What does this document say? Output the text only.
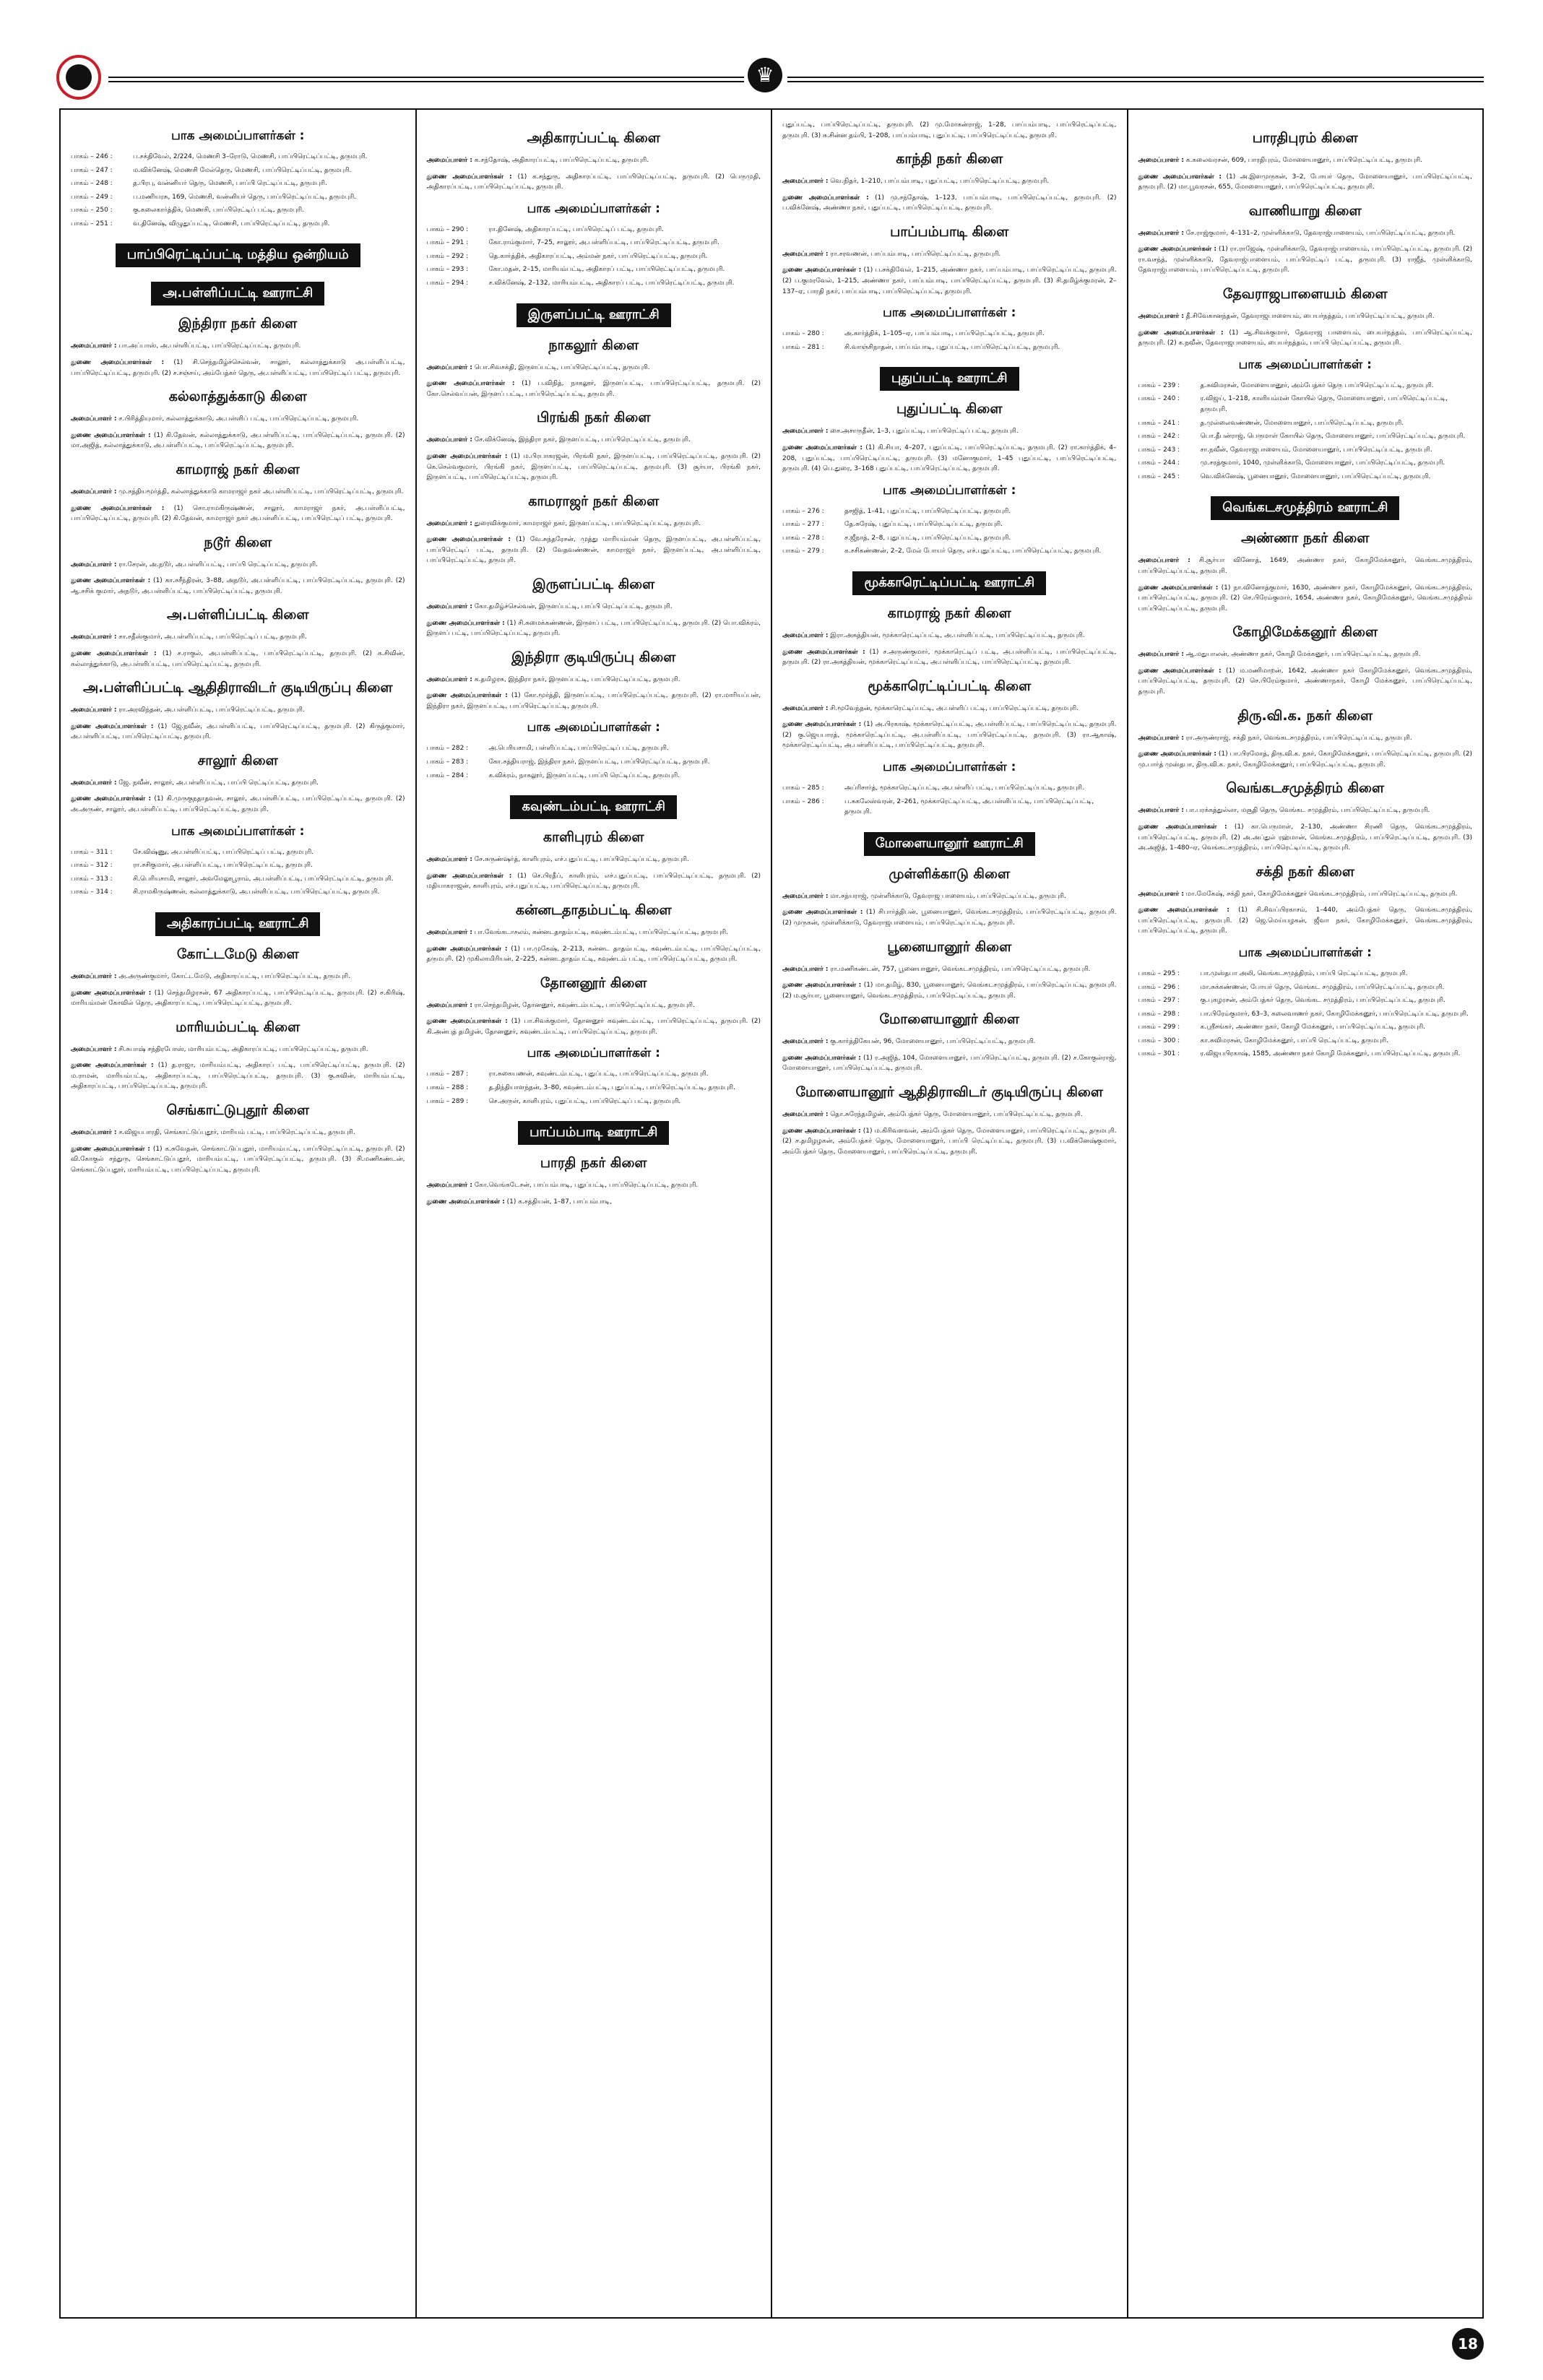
♛
பாக அமைப்பாளர்கள் :
பாகம் – 246 :	ப.சக்திவேல், 2/224, மெணசி 3–ரோடு, மெணசி, பாப்பிரெட்டிப்பட்டி, தருமபுரி.
பாகம் – 247 :	ம.விக்னேஷ், மெணசி மேல்தெரு, மெணசி, பாப்பிரெட்டிப்பட்டி, தருமபுரி.
பாகம் – 248 :	த.பிரபு, வன்னியர் தெரு, மெணசி, பாப்பி ரெட்டிப்பட்டி, தருமபுரி.
பாகம் – 249 :	ப.மணியரசு, 169, மெணசி, வன்னியர் தெரு, பாப்பிரெட்டிப்பட்டி, தருமபுரி.
பாகம் – 250 :	கு.கலைகார்த்திக், மெணசி, பாப்பிரெட்டிப் பட்டி, தருமபுரி.
பாகம் – 251 :	வ.தினேஷ், விழுதுப்பட்டி, மெணசி, பாப்பிரெட்டிப்பட்டி, தருமபுரி.
பாப்பிரெட்டிப்பட்டி மத்திய ஒன்றியம்
அ.பள்ளிப்பட்டி ஊராட்சி
இந்திரா நகர் கிளை

அமைப்பாளர் : பா.அப்பாஸ், அ.பள்ளிப்பட்டி, பாப்பிரெட்டிப்பட்டி, தருமபுரி.

துணை அமைப்பாளர்கள் : (1) சி.செந்தமிழ்ச்செல்வன், சாலூர், கல்லாத்துக்காடு அ.பள்ளிப்பட்டி, பாப்பிரெட்டிப்பட்டி, தருமபுரி. (2) ச.சஞ்சய், அம்பேத்கர் தெரு, அ.பள்ளிப்பட்டி, பாப்பிரெட்டிப் பட்டி, தருமபுரி.

கல்லாத்துக்காடு கிளை

அமைப்பாளர் : ச.பிரித்தியுமார், கல்லாத்துக்காடு, அ.பள்ளிப் பட்டி, பாப்பிரெட்டிப்பட்டி, தருமபுரி.

துணை அமைப்பாளர்கள் : (1) கி.தேவன், கல்லாத்துக்காடு, அ.பள்ளிப்பட்டி, பாப்பிரெட்டிப்பட்டி, தருமபுரி. (2) மா.அஜித், கல்லாத்துக்காடு, அ.பள்ளிப்பட்டி, பாப்பிரெட்டிப்பட்டி, தருமபுரி.

காமராஜ் நகர் கிளை

அமைப்பாளர் : மு.சத்தியமூர்த்தி, கல்லாத்துக்காடு காமராஜர் நகர் அ.பள்ளிப்பட்டி, பாப்பிரெட்டிப்பட்டி, தருமபுரி.

துணை அமைப்பாளர்கள் : (1) சொ.ராமகிருஷ்ணன், சாலூர், காமராஜர் நகர், அ.பள்ளிப்பட்டி, பாப்பிரெட்டிப்பட்டி, தருமபுரி. (2) கி.தேவன், காமராஜர் நகர் அ.பள்ளிப்பட்டி, பாப்பிரெட்டிப் பட்டி, தருமபுரி.

நடூர் கிளை

அமைப்பாளர் : ரா.சேரன், அ.நடூர், அ.பள்ளிப்பட்டி, பாப்பி ரெட்டிப்பட்டி, தருமபுரி.

துணை அமைப்பாளர்கள் : (1) கா.சசீந்திரன், 3–88, அநடூர், அ.பள்ளிப்பட்டி, பாப்பிரெட்டிப்பட்டி, தருமபுரி. (2) ஆ.சசிக் குமார், அநடூர், அ.பள்ளிப்பட்டி, பாப்பிரெட்டிப்பட்டி, தருமபுரி.

அ.பள்ளிப்பட்டி கிளை

அமைப்பாளர் : சா.சதீஸ்குமார், அ.பள்ளிப்பட்டி, பாப்பிரெட்டிப் பட்டி, தருமபுரி.

துணை அமைப்பாளர்கள் : (1) ச.ராகுல், அ.பள்ளிப்பட்டி, பாப்பிரெட்டிப்பட்டி, தருமபுரி. (2) க.சிவின், கல்லாத்துக்காடு, அ.பள்ளிப்பட்டி, பாப்பிரெட்டிப்பட்டி, தருமபுரி.

அ.பள்ளிப்பட்டி ஆதிதிராவிடர் குடியிருப்பு கிளை

அமைப்பாளர் : ரா.அரவிந்தன், அ.பள்ளிப்பட்டி, பாப்பிரெட்டிப்பட்டி, தருமபுரி.

துணை அமைப்பாளர்கள் : (1) ஜே.நவீன், அ.பள்ளிப்பட்டி, பாப்பிரெட்டிப்பட்டி, தருமபுரி. (2) கிருத்குமார், அ.பள்ளிப்பட்டி, பாப்பிரெட்டிப்பட்டி, தருமபுரி.

சாலூர் கிளை

அமைப்பாளர் : ஜே. நவீன், சாலூர், அ.பள்ளிப்பட்டி, பாப்பி ரெட்டிப்பட்டி, தருமபுரி.

துணை அமைப்பாளர்கள் : (1) கி.முருகுநதாதவன், சாலூர், அ.பள்ளிப்பட்டி, பாப்பிரெட்டிப்பட்டி, தருமபுரி. (2) அ.அருண், சாலூர், அ.பள்ளிப்பட்டி, பாப்பிரெட்டிப்பட்டி, தருமபுரி.

பாக அமைப்பாளர்கள் :
பாகம் – 311 :	சே.விஷ்ணு, அ.பள்ளிப்பட்டி, பாப்பிரெட்டிப் பட்டி, தருமபுரி.
பாகம் – 312 :	ரா.சசிகுமார், அ.பள்ளிப்பட்டி, பாப்பிரெட்டிப்பட்டி, தருமபுரி.
பாகம் – 313 :	சி.பெரியசாமி, சாலூர், அவமேலூபூராம், அ.பள்ளிப்பட்டி, பாப்பிரெட்டிப்பட்டி, தருமபுரி.
பாகம் – 314 :	சி.ராமகிருஷ்ணன், கல்லாத்துக்காடு, அ.பள்ளிப்பட்டி, பாப்பிரெட்டிப்பட்டி, தருமபுரி.
அதிகாரப்பட்டி ஊராட்சி
கோட்டமேடு கிளை

அமைப்பாளர் : அ.அருண்குமார், கோட்டமேடு, அதிகாரப்பட்டி, பாப்பிரெட்டிப்பட்டி, தருமபுரி.

துணை அமைப்பாளர்கள் : (1) செந்தமிழரசன், 67 அதிகாரப்பட்டி, பாப்பிரெட்டிப்பட்டி, தருமபுரி. (2) ச.கிரிஷ், மாரியம்மன் கோவில் தெரு, அதிகாரப்பட்டி, பாப்பிரெட்டிப்பட்டி, தருமபுரி.

மாரியம்பட்டி கிளை

அமைப்பாளர் : சி.சுபாஷ் சந்திரபோஸ், மாரியம்பட்டி, அதிகாரப்பட்டி, பாப்பிரெட்டிப்பட்டி, தருமபுரி.

துணை அமைப்பாளர்கள் : (1) த.ராஜா, மாரியம்பட்டி, அதிகாரப் பட்டி, பாப்பிரெட்டிப்பட்டி, தருமபுரி. (2) ம.ராமன், மாரியம்பட்டி, அதிகாரப்பட்டி, பாப்பிரெட்டிப்பட்டி, தருமபுரி. (3) கு.கவின், மாரியம்பட்டி, அதிகாரப்பட்டி, பாப்பிரெட்டிப்பட்டி, தருமபுரி.

செங்காட்டுபுதூர் கிளை

அமைப்பாளர் : ச.விஜயபாரதி, செங்காட்டுப்புதூர், மாரியம் பட்டி, பாப்பிரெட்டிப்பட்டி, தருமபுரி.

துணை அமைப்பாளர்கள் : (1) க.சுவேதன், செங்காட்டுப்புதூர், மாரியம்பட்டி, பாப்பிரெட்டிப்பட்டி, தருமபுரி. (2) வி.கோகுல் சந்துரு, செங்காட்டுப்புதூர், மாரியம்பட்டி, பாப்பிரெட்டிப்பட்டி, தருமபுரி. (3) சி.மணிகண்டன், செங்காட்டுப்புதூர், மாரியம்பட்டி, பாப்பிரெட்டிப்பட்டி, தருமபுரி.

அதிகாரப்பட்டி கிளை

அமைப்பாளர் : க.சந்தோஷ், அதிகாரப்பட்டி, பாப்பிரெட்டிப்பட்டி, தருமபுரி.

துணை அமைப்பாளர்கள் : (1) க.சந்துரு, அதிகாரப்பட்டி, பாப்பிரெட்டிப்பட்டி, தருமபுரி. (2) பெருமுதி, அதிகாரப்பட்டி, பாப்பிரெட்டிப்பட்டி, தருமபுரி.

பாக அமைப்பாளர்கள் :
பாகம் – 290 :	ரா.தினேஷ், அதிகாரப்பட்டி, பாப்பிரெட்டிப் பட்டி, தருமபுரி.
பாகம் – 291 :	கோ.ராம்குமார், 7–25, சாலூர், அ.பள்ளிப்பட்டி, பாப்பிரெட்டிப்பட்டி, தருமபுரி.
பாகம் – 292 :	தெ.கார்த்திக், அதிகாரப்பட்டி, அம்மன் நகர், பாப்பிரெட்டிப்பட்டி, தருமபுரி.
பாகம் – 293 :	கோ.மதன், 2–15, மாரியம்பட்டி, அதிகாரப் பட்டி, பாப்பிரெட்டிப்பட்டி, தருமபுரி.
பாகம் – 294 :	ச.விக்னேஷ், 2–132, மாரியம்பட்டி, அதிகாரப் பட்டி, பாப்பிரெட்டிப்பட்டி, தருமபுரி.
இருளப்பட்டி ஊராட்சி
நாகலூர் கிளை

அமைப்பாளர் : பொ.சிவசக்தி, இருளப்பட்டி, பாப்பிரெட்டிப்பட்டி, தருமபுரி.

துணை அமைப்பாளர்கள் : (1) ப.விநித், நாகலூர், இருளப்பட்டி, பாப்பிரெட்டிப்பட்டி, தருமபுரி. (2) கோ.செல்வப்பன், இருளப் பட்டி, பாப்பிரெட்டிப்பட்டி, தருமபுரி.

பிரங்கி நகர் கிளை

அமைப்பாளர் : சே.விக்னேஷ், இந்திரா நகர், இருளப்பட்டி, பாப்பிரெட்டிப்பட்டி, தருமபுரி.

துணை அமைப்பாளர்கள் : (1) ம.பிரபாகரஜன், பிரங்கி நகர், இருளப்பட்டி, பாப்பிரெட்டிப்பட்டி, தருமபுரி. (2) கெ.செல்வகுமார், பிரங்கி நகர், இருளப்பட்டி, பாப்பிரெட்டிப்பட்டி, தருமபுரி. (3) சூர்யா, பிரங்கி நகர், இருளப்பட்டி, பாப்பிரெட்டிப்பட்டி, தருமபுரி.

காமராஜர் நகர் கிளை

அமைப்பாளர் : துரைவிக்குமார், காமராஜர் நகர், இருளப்பட்டி, பாப்பிரெட்டிப்பட்டி, தருமபுரி.

துணை அமைப்பாளர்கள் : (1) வே.சுந்தரேசன், முத்து மாரியம்மன் தெரு, இருளப்பட்டி, அ.பள்ளிப்பட்டி, பாப்பிரெட்டிப் பட்டி, தருமபுரி. (2) வேதவண்ணன், காமராஜர் நகர், இருளப்பட்டி, அ.பள்ளிப்பட்டி, பாப்பிரெட்டிப்பட்டி, தருமபுரி.

இருளப்பட்டி கிளை

அமைப்பாளர் : கோ.தமிழ்ச்செல்வன், இருளப்பட்டி, பாப்பி ரெட்டிப்பட்டி, தருமபுரி.

துணை அமைப்பாளர்கள் : (1) சி.சுமைக்கண்ணன், இருளப் பட்டி, பாப்பிரெட்டிப்பட்டி, தருமபுரி. (2) பொ.விக்ரம், இருளப் பட்டி, பாப்பிரெட்டிப்பட்டி, தருமபுரி.

இந்திரா குடியிருப்பு கிளை

அமைப்பாளர் : க.தமிழரசு, இந்திரா நகர், இருளப்பட்டி, பாப்பிரெட்டிப்பட்டி, தருமபுரி.

துணை அமைப்பாளர்கள் : (1) கோ.மூர்த்தி, இருளப்பட்டி, பாப்பிரெட்டிப்பட்டி, தருமபுரி. (2) ரா.மாரியப்பன், இந்திரா நகர், இருளப்பட்டி, பாப்பிரெட்டிப்பட்டி, தருமபுரி.

பாக அமைப்பாளர்கள் :
பாகம் – 282 :	அ.பெரியசாமி, பள்ளிப்பட்டி, பாப்பிரெட்டிப் பட்டி, தருமபுரி.
பாகம் – 283 :	கோ.சத்தியராஜ், இந்திரா நகர், இருளப்பட்டி, பாப்பிரெட்டிப்பட்டி, தருமபுரி.
பாகம் – 284 :	க.விக்ரம், நாகலூர், இருளப்பட்டி, பாப்பி ரெட்டிப்பட்டி, தருமபுரி.
கவுண்டம்பட்டி ஊராட்சி
காளிபுரம் கிளை

அமைப்பாளர் : சே.சுருண்ஷர்த், காளிபுரம், எச்.புதுப்பட்டி, பாப்பிரெட்டிப்பட்டி, தருமபுரி.

துணை அமைப்பாளர்கள் : (1) செ.பிரதீப், காளிபுரம், எச்.புதுப்பட்டி, பாப்பிரெட்டிப்பட்டி, தருமபுரி. (2) மதியாகராஜன், காளிபுரம், எச்.புதுப்பட்டி, பாப்பிரெட்டிப்பட்டி, தருமபுரி.

கன்னடதாதம்பட்டி கிளை

அமைப்பாளர் : பா.வேங்கடாசலம், கன்னடதாதம்பட்டி, கவுண்டம்பட்டி, பாப்பிரெட்டிப்பட்டி, தருமபுரி.

துணை அமைப்பாளர்கள் : (1) பா.முகேஷ், 2–213, கன்னட தாதம்பட்டி, கவுண்டம்பட்டி, பாப்பிரெட்டிப்பட்டி, தருமபுரி. (2) முகிலாமிரியன், 2–225, கன்னடதாதம்பட்டி, கவுண்டம் பட்டி, பாப்பிரெட்டிப்பட்டி, தருமபுரி.

தோனனூர் கிளை

அமைப்பாளர் : ரா.செந்தமிழன், தோனனூர், கவுண்டம்பட்டி, பாப்பிரெட்டிப்பட்டி, தருமபுரி.

துணை அமைப்பாளர்கள் : (1) பா.சிவக்குமார், தோனனூர் கவுண்டம்பட்டி, பாப்பிரெட்டிப்பட்டி, தருமபுரி. (2) கி.அன்புத் தமிழன், தோனனூர், கவுண்டம்பட்டி, பாப்பிரெட்டிப்பட்டி, தருமபுரி.

பாக அமைப்பாளர்கள் :
பாகம் – 287 :	ரா.சுகையணன், கவுண்டம்பட்டி, புதுப்பட்டி, பாப்பிரெட்டிப்பட்டி, தருமபுரி.
பாகம் – 288 :	த.திந்தியாளந்தன், 3–80, கவுண்டம்பட்டி, புதுப்பட்டி, பாப்பிரெட்டிப்பட்டி, தருமபுரி.
பாகம் – 289 :	செ.அருள், காளிபுரம், புதுப்பட்டி, பாப்பிரெட்டிப் பட்டி, தருமபுரி.
பாப்பம்பாடி ஊராட்சி
பாரதி நகர் கிளை

அமைப்பாளர் : கோ.வெங்கடேசன், பாப்பம்பாடி, புதுப்பட்டி, பாப்பிரெட்டிப்பட்டி, தருமபுரி.

துணை அமைப்பாளர்கள் : (1) க.சத்தியன், 1–87, பாப்பம்பாடி,

புதுப்பட்டி, பாப்பிரெட்டிப்பட்டி, தருமபுரி. (2) மு.மோகன்ராஜ், 1–28, பாப்பம்பாடி, பாப்பிரெட்டிப்பட்டி, தருமபுரி. (3) சு.சின்ன தம்பி, 1–208, பாப்பம்பாடி, புதுப்பட்டி, பாப்பிரெட்டிப்பட்டி, தருமபுரி.

காந்தி நகர் கிளை

அமைப்பாளர் : வெ.நிதர், 1–210, பாப்பம்பாடி, புதுப்பட்டி, பாப்பிரெட்டிப்பட்டி, தருமபுரி.

துணை அமைப்பாளர்கள் : (1) மு.சந்தோஷ், 1–123, பாப்பம்பாடி, பாப்பிரெட்டிப்பட்டி, தருமபுரி. (2) ப.விக்னேஷ், அண்ணா நகர், புதுப்பட்டி, பாப்பிரெட்டிப்பட்டி, தருமபுரி.

பாப்பம்பாடி கிளை

அமைப்பாளர் : ரா.சரவணன், பாப்பம்பாடி, பாப்பிரெட்டிப்பட்டி, தருமபுரி.

துணை அமைப்பாளர்கள் : (1) ப.சக்திவேல், 1–215, அண்ணா நகர், பாப்பம்பாடி, பாப்பிரெட்டிப்பட்டி, தருமபுரி. (2) ப.குமரவேல், 1–215, அண்ணா நகர், பாப்பம்பாடி, பாப்பிரெட்டிப்பட்டி, தருமபுரி. (3) சி.தமிழ்க்குமரன், 2–137–ஏ, பாரதி நகர், பாப்பம்பாடி, பாப்பிரெட்டிப்பட்டி, தருமபுரி.

பாக அமைப்பாளர்கள் :
பாகம் – 280 :	அ.கார்த்திக், 1–105–ஏ, பாப்பம்பாடி, பாப்பிரெட்டிப்பட்டி, தருமபுரி.
பாகம் – 281 :	சி.வாஞ்சிநாதன், பாப்பம்பாடி, புதுப்பட்டி, பாப்பிரெட்டிப்பட்டி, தருமபுரி.
புதுப்பட்டி ஊராட்சி
புதுப்பட்டி கிளை

அமைப்பாளர் : சை.அசாருதீன், 1–3, புதுப்பட்டி, பாப்பிரெட்டிப் பட்டி, தருமபுரி.

துணை அமைப்பாளர்கள் : (1) கி.சியா, 4–207, புதுப்பட்டி, பாப்பிரெட்டிப்பட்டி, தருமபுரி. (2) ரா.கார்த்திக், 4–208, புதுப்பட்டி, பாப்பிரெட்டிப்பட்டி, தருமபுரி. (3) மனோகுமார், 1–45 புதுப்பட்டி, பாப்பிரெட்டிப்பட்டி, தருமபுரி. (4) பெ.துரை, 3–168 புதுப்பட்டி, பாப்பிரெட்டிப்பட்டி, தருமபுரி.

பாக அமைப்பாளர்கள் :
பாகம் – 276 :	தசஜித், 1–41, புதுப்பட்டி, பாப்பிரெட்டிப்பட்டி, தருமபுரி.
பாகம் – 277 :	தே.சுரேஷ், புதுப்பட்டி, பாப்பிரெட்டிப்பட்டி, தருமபுரி.
பாகம் – 278 :	ச.ஜீநாத், 2–8, புதுப்பட்டி, பாப்பிரெட்டிப்பட்டி, தருமபுரி.
பாகம் – 279 :	க.சசிகண்ணன், 2–2, மேல் போயர் தெரு, எச்.புதுப்பட்டி, பாப்பிரெட்டிப்பட்டி, தருமபுரி.
மூக்காரெட்டிப்பட்டி ஊராட்சி
காமராஜ் நகர் கிளை

அமைப்பாளர் : இரா.அசுத்தியன், மூக்காரெட்டிப்பட்டி, அ.பள்ளிப்பட்டி, பாப்பிரெட்டிப்பட்டி, தருமபுரி.

துணை அமைப்பாளர்கள் : (1) ச.அருண்குமார், மூக்காரெட்டிப் பட்டி, அ.பள்ளிப்பட்டி, பாப்பிரெட்டிப்பட்டி, தருமபுரி. (2) ரா.அசுத்தியன், மூக்காரெட்டிப்பட்டி, அ.பள்ளிப்பட்டி, பாப்பிரெட்டிப்பட்டி, தருமபுரி.

மூக்காரெட்டிப்பட்டி கிளை

அமைப்பாளர் : சி.மூவேந்தன், மூக்காரெட்டிப்பட்டி, அ.பள்ளிப் பட்டி, பாப்பிரெட்டிப்பட்டி, தருமபுரி.

துணை அமைப்பாளர்கள் : (1) அ.பிரகாஷ், மூக்காரெட்டிப்பட்டி, அ.பள்ளிப்பட்டி, பாப்பிரெட்டிப்பட்டி, தருமபுரி. (2) கு.ஜெயபாரத், மூக்காரெட்டிப்பட்டி, அ.பள்ளிப்பட்டி, பாப்பிரெட்டிப்பட்டி, தருமபுரி. (3) ரா.ஆகாஷ், மூக்காரெட்டிப்பட்டி, அ.பள்ளிப்பட்டி, பாப்பிரெட்டிப்பட்டி, தருமபுரி.

பாக அமைப்பாளர்கள் :
பாகம் – 285 :	அப்ரிசார்த், மூக்காரெட்டிப்பட்டி, அ.பள்ளிப் பட்டி, பாப்பிரெட்டிப்பட்டி, தருமபுரி.
பாகம் – 286 :	ப.சுகலேஸ்வரன், 2–261, மூக்காரெட்டிப்பட்டி, அ.பள்ளிப்பட்டி, பாப்பிரெட்டிப்பட்டி, தருமபுரி.
மோளையானூர் ஊராட்சி
முள்ளிக்காடு கிளை

அமைப்பாளர் : மா.சத்யராஜ், முள்ளிக்காடு, தேவராஜ பாளையம், பாப்பிரெட்டிப்பட்டி, தருமபுரி.

துணை அமைப்பாளர்கள் : (1) சிபார்த்திபன், பூனையானூர், வெங்கடசமுத்திரம், பாப்பிரெட்டிப்பட்டி, தருமபுரி. (2) முருகன், முள்ளிக்காடு, தேவராஜபாளையம், பாப்பிரெட்டிப்பட்டி, தருமபுரி.

பூனையானூர் கிளை

அமைப்பாளர் : ரா.மணிகண்டன், 757, பூனையானூர், வெங்கடசமுத்திரம், பாப்பிரெட்டிப்பட்டி, தருமபுரி.

துணை அமைப்பாளர்கள் : (1) மா.தமிழ், 830, பூனையானூர், வெங்கடசமுத்திரம், பாப்பிரெட்டிப்பட்டி, தருமபுரி. (2) ம.சூர்யா, பூனையானூர், வெங்கடசமுத்திரம், பாப்பிரெட்டிப்பட்டி, தருமபுரி.

மோளையானூர் கிளை

அமைப்பாளர் : கு.கார்த்திகேயன், 96, மோளையானூர், பாப்பிரெட்டிப்பட்டி, தருமபுரி.

துணை அமைப்பாளர்கள் : (1) ர.அஜித், 104, மோளையானூர், பாப்பிரெட்டிப்பட்டி, தருமபுரி. (2) ச.கோகுல்ராஜ், மோளையானூர், பாப்பிரெட்டிப்பட்டி, தருமபுரி.

மோளையானூர் ஆதிதிராவிடர் குடியிருப்பு கிளை

அமைப்பாளர் : தொ.சுரேந்தமிழன், அம்பேத்கர் தெரு, மோளையானூர், பாப்பிரெட்டிப்பட்டி, தருமபுரி.

துணை அமைப்பாளர்கள் : (1) ம.கிரிவளவன், அம்பேத்கர் தெரு, மோளையானூர், பாப்பிரெட்டிப்பட்டி, தருமபுரி. (2) ச.தமிழழகன், அம்பேத்கர் தெரு, மோளையானூர், பாப்பி ரெட்டிப்பட்டி, தருமபுரி. (3) ப.விக்னேஷ்குமார், அம்பேத்கர் தெரு, மோளையானூர், பாப்பிரெட்டிப்பட்டி, தருமபுரி.

பாரதிபுரம் கிளை

அமைப்பாளர் : க.கலைவரசன், 609, பாரதிபுரம், மோளையானூர், பாப்பிரெட்டிப்பட்டி, தருமபுரி.

துணை அமைப்பாளர்கள் : (1) அ.இளமுருகன், 3–2, போயர் தெரு, மோளையானூர், பாப்பிரெட்டிப்பட்டி, தருமபுரி. (2) மா.பூவரசன், 655, மோளையானூர், பாப்பிரெட்டிப்பட்டி, தருமபுரி.

வாணியாறு கிளை

அமைப்பாளர் : சே.ராஜ்குமார், 4–131–2, முள்ளிக்காடு, தேவராஜ்பாளையம், பாப்பிரெட்டிப்பட்டி, தருமபுரி.

துணை அமைப்பாளர்கள் : (1) ரா.ராஜேஷ், முள்ளிக்காடு, தேவராஜ்பாளையம், பாப்பிரெட்டிப்பட்டி, தருமபுரி. (2) ரா.வசந்த், முள்ளிக்காடு, தேவராஜ்பாளையம், பாப்பிரெட்டிப் பட்டி, தருமபுரி. (3) ராஜீத், முள்ளிக்காடு, தேவராஜ்பாளையம், பாப்பிரெட்டிப்பட்டி, தருமபுரி.

தேவராஜபாளையம் கிளை

அமைப்பாளர் : தீ.சிவேகானந்தன், தேவராஜபாளையம், பையர்நத்தம், பாப்பிரெட்டிப்பட்டி, தருமபுரி.

துணை அமைப்பாளர்கள் : (1) ஆ.சிவக்குமார், தேவராஜ பாளையம், பையர்நத்தம், பாப்பிரெட்டிப்பட்டி, தருமபுரி. (2) க.நவீன், தேவராஜபாளையம், பையர்நத்தம், பாப்பி ரெட்டிப்பட்டி, தருமபுரி.

பாக அமைப்பாளர்கள் :
பாகம் – 239 :	த.சுவிமரசன், மோளையானூர், அம்பேத்கர் தெரு பாப்பிரெட்டிப்பட்டி, தருமபுரி.
பாகம் – 240 :	ர.விஜய், 1–218, காளியம்மன் கோயில் தெரு, மோளையானூர், பாப்பிரெட்டிப்பட்டி, தருமபுரி.
பாகம் – 241 :	த.முல்லைவண்ணன், மோளையானூர், பாப்பிரெட்டிப்பட்டி, தருமபுரி.
பாகம் – 242 :	பொ.தீபன்ராஜ், பெருமாள் கோயில் தெரு, மோளையானூர், பாப்பிரெட்டிப்பட்டி, தருமபுரி.
பாகம் – 243 :	சா.நவீன், தேவராஜபாளையம், மோளையானூர், பாப்பிரெட்டிப்பட்டி, தருமபுரி.
பாகம் – 244 :	மு.சரத்குமார், 1040, முள்ளிக்காடு, மோளையானூர், பாப்பிரெட்டிப்பட்டி, தருமபுரி.
பாகம் – 245 :	வெ.விக்னேஷ், பூனையானூர், மோளையானூர், பாப்பிரெட்டிப்பட்டி, தருமபுரி.
வெங்கடசமுத்திரம் ஊராட்சி
அண்ணா நகர் கிளை

அமைப்பாளர் : சி.சூர்யா வினோத், 1649, அண்ணா நகர், கோழிமேக்கனூர், வெங்கடசமுத்திரம், பாப்பிரெட்டிப்பட்டி, தருமபுரி.

துணை அமைப்பாளர்கள் : (1) நா.வினோத்குமார், 1630, அண்ணா நகர், கோழிமேக்கனூர், வெங்கடசமுத்திரம், பாப்பிரெட்டிப்பட்டி, தருமபுரி. (2) செ.பிரேம்குமார், 1654, அண்ணா நகர், கோழிமேக்கனூர், வெங்கடசமுத்திரம் பாப்பிரெட்டிப்பட்டி, தருமபுரி.

கோழிமேக்கனூர் கிளை

அமைப்பாளர் : ஆ.மதுபாலன், அண்ணா நகர், கோழி மேக்கனூர், பாப்பிரெட்டிப்பட்டி, தருமபுரி.

துணை அமைப்பாளர்கள் : (1) ம.மணிமாறன், 1642, அண்ணா நகர் கோழிமேக்கனூர், வெங்கடசமுத்திரம், பாப்பிரெட்டிப்பட்டி, தருமபுரி. (2) செ.பிரேம்குமார், அண்ணாநகர், கோழி மேக்கனூர், பாப்பிரெட்டிப்பட்டி, தருமபுரி.

திரு.வி.க. நகர் கிளை

அமைப்பாளர் : ரா.அருண்ராஜ், சக்தி நகர், வெங்கடசமுத்திரம், பாப்பிரெட்டிப்பட்டி, தருமபுரி.

துணை அமைப்பாளர்கள் : (1) பா.பிரமோத், திரு.வி.க. நகர், கோழிமேக்கனூர், பாப்பிரெட்டிப்பட்டி, தருமபுரி. (2) மு.பார்த் முஸ்தபா, திரு.வி.க. நகர், கோழிமேக்கனூர், பாப்பிரெட்டிப்பட்டி, தருமபுரி.

வெங்கடசமுத்திரம் கிளை

அமைப்பாளர் : பா.பரக்கத்துல்லா, மசூதி தெரு, வெங்கட சமுத்திரம், பாப்பிரெட்டிப்பட்டி, தருமபுரி.

துணை அமைப்பாளர்கள் : (1) கா.பெருமாள், 2–130, அண்ணா சிரணி தெரு, வெங்கடசமுத்திரம், பாப்பிரெட்டிப்பட்டி, தருமபுரி. (2) அ.அப்துல் ரஹ்மான், வெங்கடசமுத்திரம், பாப்பிரெட்டிப்பட்டி, தருமபுரி. (3) அ.அஜித், 1–480–ஏ, வெங்கடசமுத்திரம், பாப்பிரெட்டிப்பட்டி, தருமபுரி.

சக்தி நகர் கிளை

அமைப்பாளர் : மா.மேகேஷ், சக்தி நகர், கோழிமேக்கனூர் வெங்கடசமுத்திரம், பாப்பிரெட்டிப்பட்டி, தருமபுரி.

துணை அமைப்பாளர்கள் : (1) சி.சிவப்பிரகாசம், 1–440, அம்பேத்கர் தெரு, வெங்கடசமுத்திரம், பாப்பிரெட்டிப்பட்டி, தருமபுரி. (2) ஜெ.மெய்யழகன், ஜீவா நகர், கோழிமேக்கனூர், வெங்கடசமுத்திரம், பாப்பிரெட்டிப்பட்டி, தருமபுரி.

பாக அமைப்பாளர்கள் :
பாகம் – 295 :	பா.முஸ்தபா அலி, வெங்கடசமுத்திரம், பாப்பி ரெட்டிப்பட்டி, தருமபுரி.
பாகம் – 296 :	மா.சுக்கண்ணன், போயர் தெரு, வெங்கட சமுத்திரம், பாப்பிரெட்டிப்பட்டி, தருமபுரி.
பாகம் – 297 :	கு.புகழரசன், அம்பேத்கர் தெரு, வெங்கட சமுத்திரம், பாப்பிரெட்டிப்பட்டி, தருமபுரி.
பாகம் – 298 :	பா.பிரேம்குமார், 63–3, கலைவாணர் நகர், கோழிமேக்கனூர், பாப்பிரெட்டிப்பட்டி, தருமபுரி.
பாகம் – 299 :	க.ஸ்ரீசங்கர், அண்ணா நகர், கோழி மேக்கனூர், பாப்பிரெட்டிப்பட்டி, தருமபுரி.
பாகம் – 300 :	கா.சுவிமரசன், கோழிமேக்கனூர், பாப்பி ரெட்டிப்பட்டி, தருமபுரி.
பாகம் – 301 :	ர.விஜயபிரகாஷ், 1585, அண்ணா நகர் கோழி மேக்கனூர், பாப்பிரெட்டிப்பட்டி, தருமபுரி.
18
